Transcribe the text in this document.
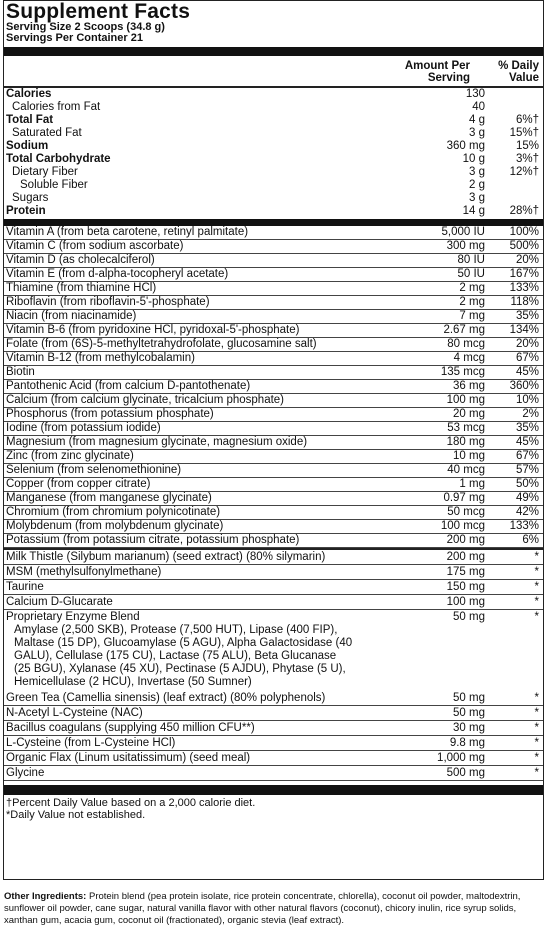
Supplement Facts
Serving Size 2 Scoops (34.8 g)
Servings Per Container 21
Amount Per
Serving
% Daily
Value
Calories	130
Calories from Fat	40
Total Fat	4 g	6%†
Saturated Fat	3 g	15%†
Sodium	360 mg	15%
Total Carbohydrate	10 g	3%†
Dietary Fiber	3 g	12%†
Soluble Fiber	2 g
Sugars	3 g
Protein	14 g	28%†
Vitamin A (from beta carotene, retinyl palmitate)	5,000 IU	100%
Vitamin C (from sodium ascorbate)	300 mg	500%
Vitamin D (as cholecalciferol)	80 IU	20%
Vitamin E (from d-alpha-tocopheryl acetate)	50 IU	167%
Thiamine (from thiamine HCl)	2 mg	133%
Riboflavin (from riboflavin-5'-phosphate)	2 mg	118%
Niacin (from niacinamide)	7 mg	35%
Vitamin B-6 (from pyridoxine HCl, pyridoxal-5'-phosphate)	2.67 mg	134%
Folate (from (6S)-5-methyltetrahydrofolate, glucosamine salt)	80 mcg	20%
Vitamin B-12 (from methylcobalamin)	4 mcg	67%
Biotin	135 mcg	45%
Pantothenic Acid (from calcium D-pantothenate)	36 mg	360%
Calcium (from calcium glycinate, tricalcium phosphate)	100 mg	10%
Phosphorus (from potassium phosphate)	20 mg	2%
Iodine (from potassium iodide)	53 mcg	35%
Magnesium (from magnesium glycinate, magnesium oxide)	180 mg	45%
Zinc (from zinc glycinate)	10 mg	67%
Selenium (from selenomethionine)	40 mcg	57%
Copper (from copper citrate)	1 mg	50%
Manganese (from manganese glycinate)	0.97 mg	49%
Chromium (from chromium polynicotinate)	50 mcg	42%
Molybdenum (from molybdenum glycinate)	100 mcg	133%
Potassium (from potassium citrate, potassium phosphate)	200 mg	6%
Milk Thistle (Silybum marianum) (seed extract) (80% silymarin)	200 mg	*
MSM (methylsulfonylmethane)	175 mg	*
Taurine	150 mg	*
Calcium D-Glucarate	100 mg	*
Proprietary Enzyme Blend	50 mg	*
Amylase (2,500 SKB), Protease (7,500 HUT), Lipase (400 FIP), Maltase (15 DP), Glucoamylase (5 AGU), Alpha Galactosidase (40 GALU), Cellulase (175 CU), Lactase (75 ALU), Beta Glucanase (25 BGU), Xylanase (45 XU), Pectinase (5 AJDU), Phytase (5 U), Hemicellulase (2 HCU), Invertase (50 Sumner)
Green Tea (Camellia sinensis) (leaf extract) (80% polyphenols)	50 mg	*
N-Acetyl L-Cysteine (NAC)	50 mg	*
Bacillus coagulans (supplying 450 million CFU**)	30 mg	*
L-Cysteine (from L-Cysteine HCl)	9.8 mg	*
Organic Flax (Linum usitatissimum) (seed meal)	1,000 mg	*
Glycine	500 mg	*
†Percent Daily Value based on a 2,000 calorie diet.
*Daily Value not established.
Other Ingredients: Protein blend (pea protein isolate, rice protein concentrate, chlorella), coconut oil powder, maltodextrin, sunflower oil powder, cane sugar, natural vanilla flavor with other natural flavors (coconut), chicory inulin, rice syrup solids, xanthan gum, acacia gum, coconut oil (fractionated), organic stevia (leaf extract).
